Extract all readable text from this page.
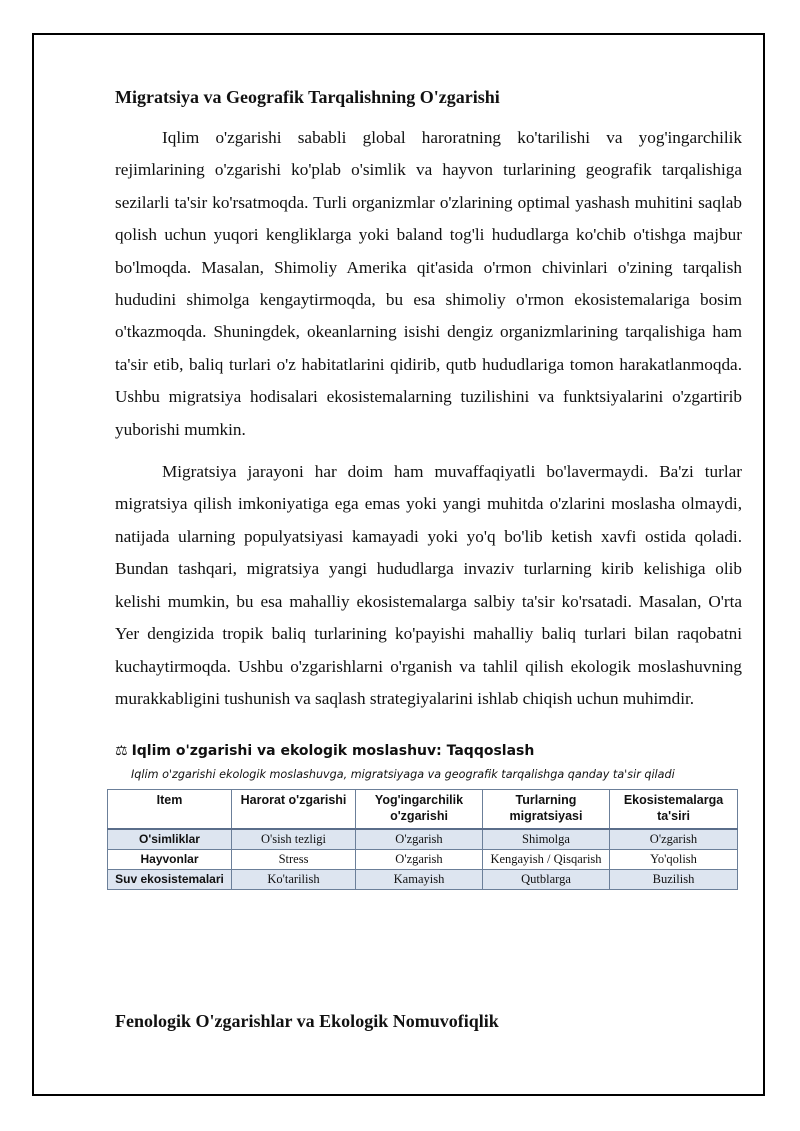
Migratsiya va Geografik Tarqalishning O'zgarishi

Iqlim o'zgarishi sababli global haroratning ko'tarilishi va yog'ingarchilik rejimlarining o'zgarishi ko'plab o'simlik va hayvon turlarining geografik tarqalishiga sezilarli ta'sir ko'rsatmoqda. Turli organizmlar o'zlarining optimal yashash muhitini saqlab qolish uchun yuqori kengliklarga yoki baland tog'li hududlarga ko'chib o'tishga majbur bo'lmoqda. Masalan, Shimoliy Amerika qit'asida o'rmon chivinlari o'zining tarqalish hududini shimolga kengaytirmoqda, bu esa shimoliy o'rmon ekosistemalariga bosim o'tkazmoqda. Shuningdek, okeanlarning isishi dengiz organizmlarining tarqalishiga ham ta'sir etib, baliq turlari o'z habitatlarini qidirib, qutb hududlariga tomon harakatlanmoqda. Ushbu migratsiya hodisalari ekosistemalarning tuzilishini va funktsiyalarini o'zgartirib yuborishi mumkin.

Migratsiya jarayoni har doim ham muvaffaqiyatli bo'lavermaydi. Ba'zi turlar migratsiya qilish imkoniyatiga ega emas yoki yangi muhitda o'zlarini moslasha olmaydi, natijada ularning populyatsiyasi kamayadi yoki yo'q bo'lib ketish xavfi ostida qoladi. Bundan tashqari, migratsiya yangi hududlarga invaziv turlarning kirib kelishiga olib kelishi mumkin, bu esa mahalliy ekosistemalarga salbiy ta'sir ko'rsatadi. Masalan, O'rta Yer dengizida tropik baliq turlarining ko'payishi mahalliy baliq turlari bilan raqobatni kuchaytirmoqda. Ushbu o'zgarishlarni o'rganish va tahlil qilish ekologik moslashuvning murakkabligini tushunish va saqlash strategiyalarini ishlab chiqish uchun muhimdir.

⚖ Iqlim o'zgarishi va ekologik moslashuv: Taqqoslash
Iqlim o'zgarishi ekologik moslashuvga, migratsiyaga va geografik tarqalishga qanday ta'sir qiladi
Item	Harorat o'zgarishi	Yog'ingarchilik o'zgarishi	Turlarning migratsiyasi	Ekosistemalarga ta'siri
O'simliklar	O'sish tezligi	O'zgarish	Shimolga	O'zgarish
Hayvonlar	Stress	O'zgarish	Kengayish / Qisqarish	Yo'qolish
Suv ekosistemalari	Ko'tarilish	Kamayish	Qutblarga	Buzilish
Fenologik O'zgarishlar va Ekologik Nomuvofiqlik
